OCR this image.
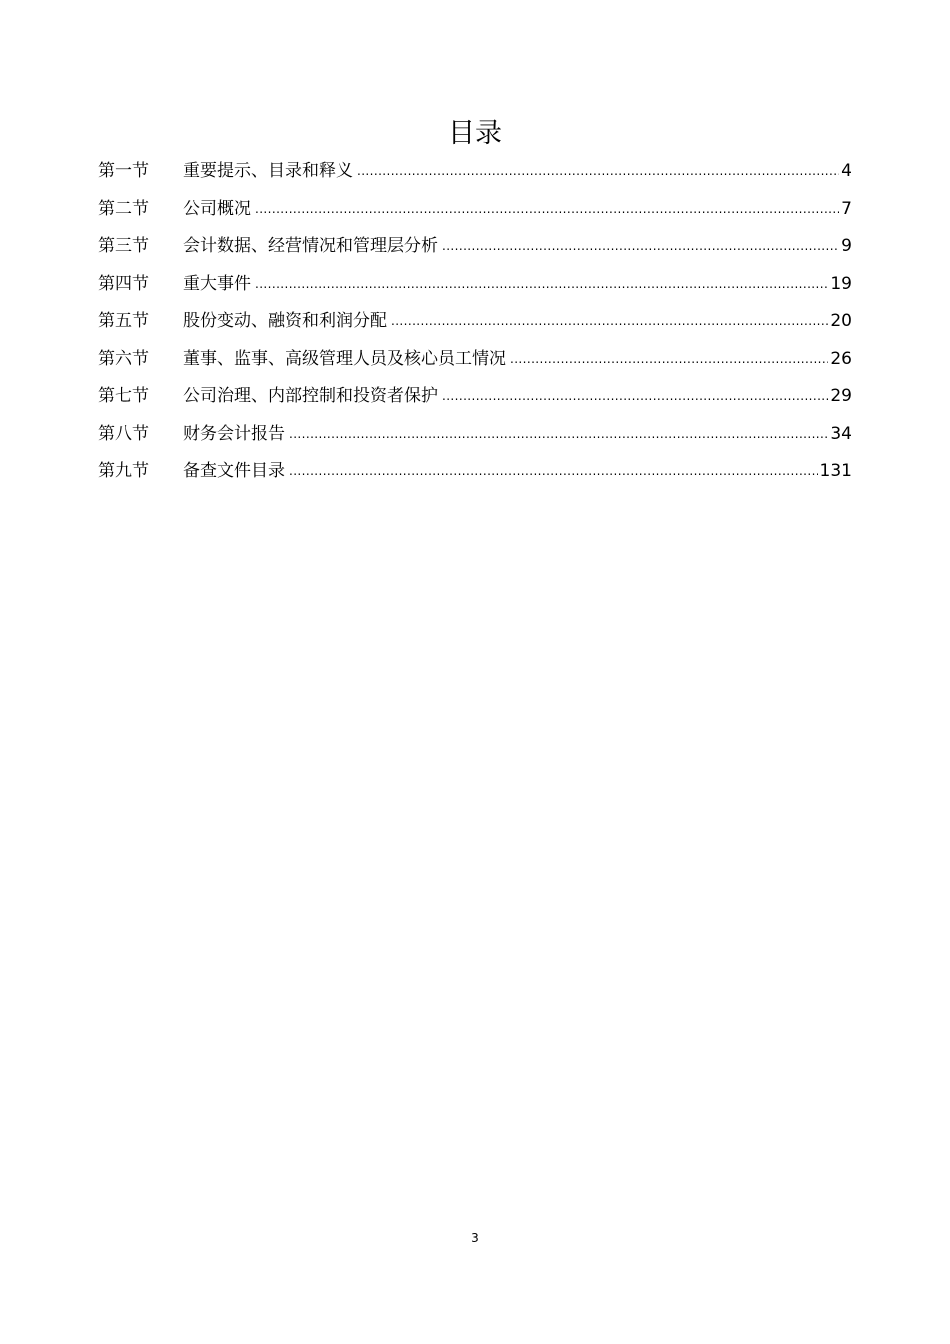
目录
第一节	重要提示、目录和释义 .....	4
第二节	公司概况 .....	7
第三节	会计数据、经营情况和管理层分析 .....	9
第四节	重大事件 .....	19
第五节	股份变动、融资和利润分配 .....	20
第六节	董事、监事、高级管理人员及核心员工情况 .....	26
第七节	公司治理、内部控制和投资者保护 .....	29
第八节	财务会计报告 .....	34
第九节	备查文件目录 .....	131
3
